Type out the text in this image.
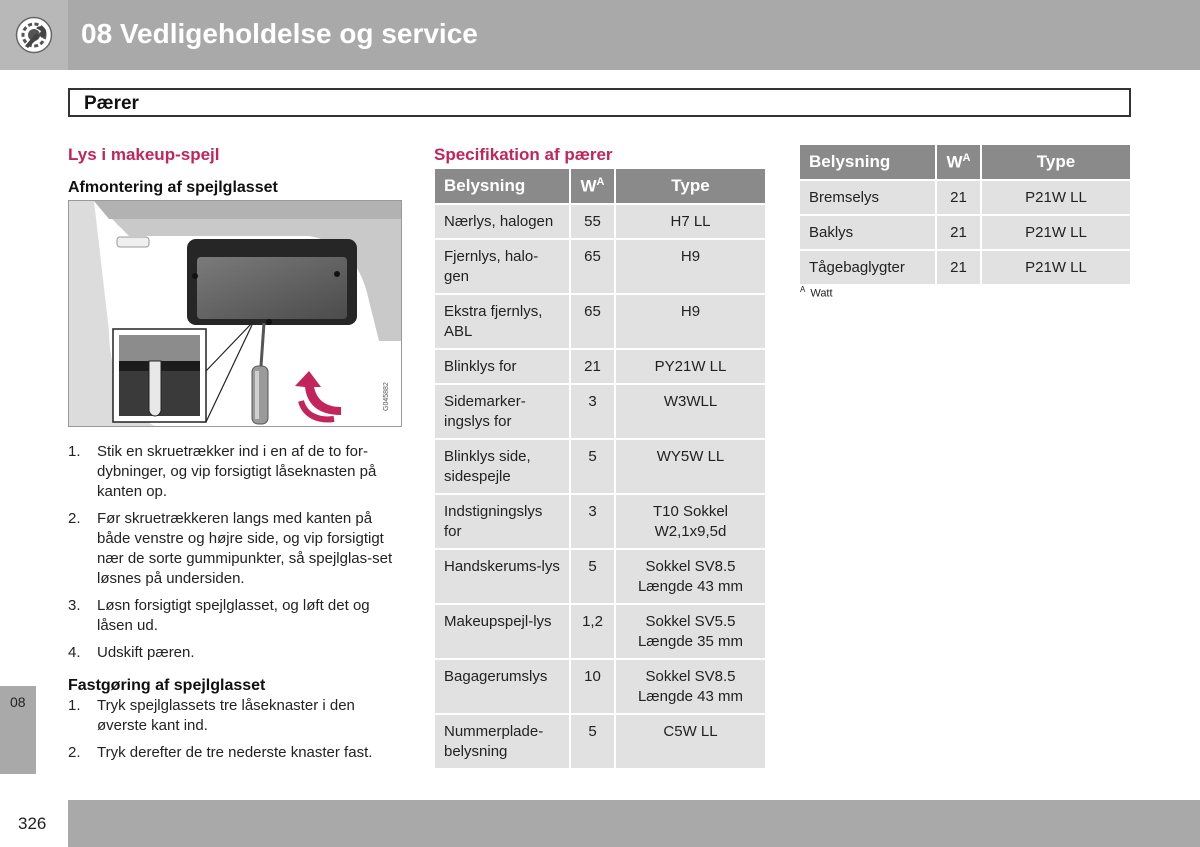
08 Vedligeholdelse og service
Pærer
Lys i makeup-spejl
Afmontering af spejlglasset
G045882
1. Stik en skruetrækker ind i en af de to for-dybninger, og vip forsigtigt låseknasten på kanten op.
2. Før skruetrækkeren langs med kanten på både venstre og højre side, og vip forsigtigt nær de sorte gummipunkter, så spejlglas-set løsnes på undersiden.
3. Løsn forsigtigt spejlglasset, og løft det og låsen ud.
4. Udskift pæren.
Fastgøring af spejlglasset
1. Tryk spejlglassets tre låseknaster i den øverste kant ind.
2. Tryk derefter de tre nederste knaster fast.
Specifikation af pærer
Belysning	$W^A$	Type
Nærlys, halogen	55	H7 LL
Fjernlys, halo-gen	65	H9
Ekstra fjernlys, ABL	65	H9
Blinklys for	21	PY21W LL
Sidemarker-ingslys for	3	W3WLL
Blinklys side, sidespejle	5	WY5W LL
Indstigningslys for	3	T10 Sokkel W2,1x9,5d
Handskerums-lys	5	Sokkel SV8.5 Længde 43 mm
Makeupspejl-lys	1,2	Sokkel SV5.5 Længde 35 mm
Bagagerumslys	10	Sokkel SV8.5 Længde 43 mm
Nummerplade-belysning	5	C5W LL
Belysning	$W^A$	Type
Bremselys	21	P21W LL
Baklys	21	P21W LL
Tågebaglygter	21	P21W LL
$^A$ Watt
08
326
